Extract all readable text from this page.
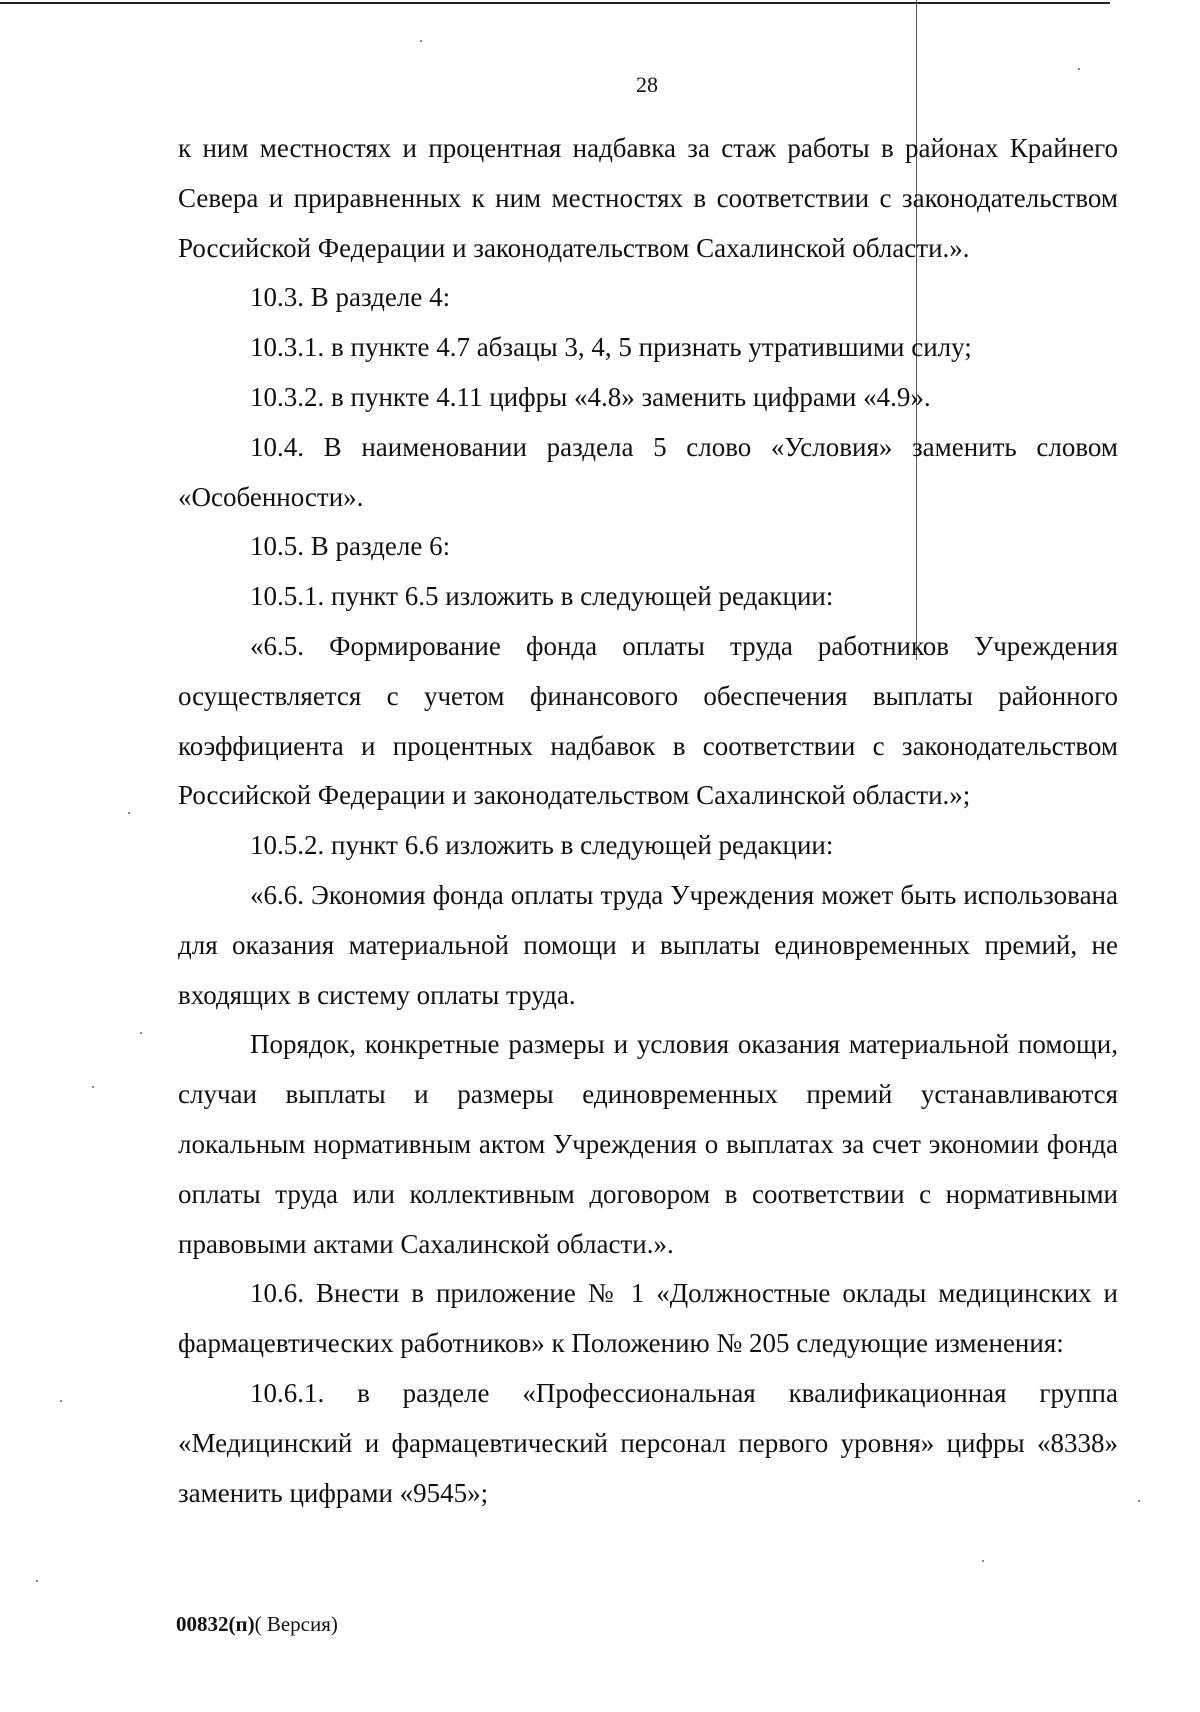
28

к ним местностях и процентная надбавка за стаж работы в районах Крайнего Севера и приравненных к ним местностях в соответствии с законодательством Российской Федерации и законодательством Сахалинской области.».

10.3. В разделе 4:

10.3.1. в пункте 4.7 абзацы 3, 4, 5 признать утратившими силу;

10.3.2. в пункте 4.11 цифры «4.8» заменить цифрами «4.9».

10.4. В наименовании раздела 5 слово «Условия» заменить словом «Особенности».

10.5. В разделе 6:

10.5.1. пункт 6.5 изложить в следующей редакции:

«6.5. Формирование фонда оплаты труда работников Учреждения осуществляется с учетом финансового обеспечения выплаты районного коэффициента и процентных надбавок в соответствии с законодательством Российской Федерации и законодательством Сахалинской области.»;

10.5.2. пункт 6.6 изложить в следующей редакции:

«6.6. Экономия фонда оплаты труда Учреждения может быть использована для оказания материальной помощи и выплаты единовременных премий, не входящих в систему оплаты труда.

Порядок, конкретные размеры и условия оказания материальной помощи, случаи выплаты и размеры единовременных премий устанавливаются локальным нормативным актом Учреждения о выплатах за счет экономии фонда оплаты труда или коллективным договором в соответствии с нормативными правовыми актами Сахалинской области.».

10.6. Внести в приложение № 1 «Должностные оклады медицинских и фармацевтических работников» к Положению № 205 следующие изменения:

10.6.1. в разделе «Профессиональная квалификационная группа «Медицинский и фармацевтический персонал первого уровня» цифры «8338» заменить цифрами «9545»;

00832(п)( Версия)
